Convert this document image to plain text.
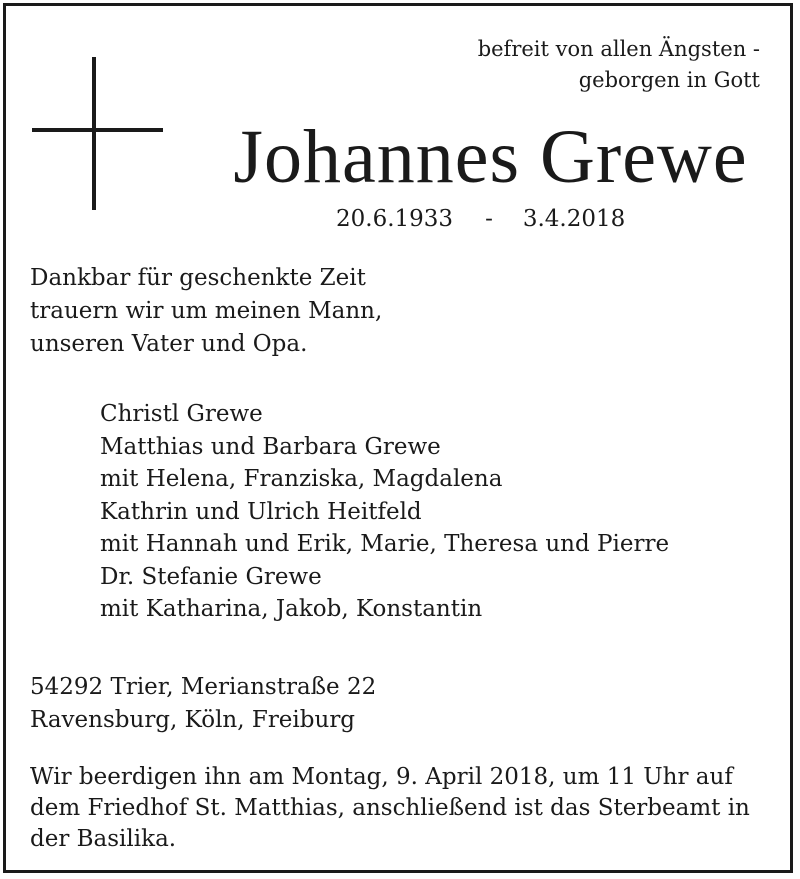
befreit von allen Ängsten -
geborgen in Gott
Johannes Grewe
20.6.1933 - 3.4.2018
Dankbar für geschenkte Zeit
trauern wir um meinen Mann,
unseren Vater und Opa.
Christl Grewe
Matthias und Barbara Grewe
mit Helena, Franziska, Magdalena
Kathrin und Ulrich Heitfeld
mit Hannah und Erik, Marie, Theresa und Pierre
Dr. Stefanie Grewe
mit Katharina, Jakob, Konstantin
54292 Trier, Merianstraße 22
Ravensburg, Köln, Freiburg
Wir beerdigen ihn am Montag, 9. April 2018, um 11 Uhr auf
dem Friedhof St. Matthias, anschließend ist das Sterbeamt in
der Basilika.
